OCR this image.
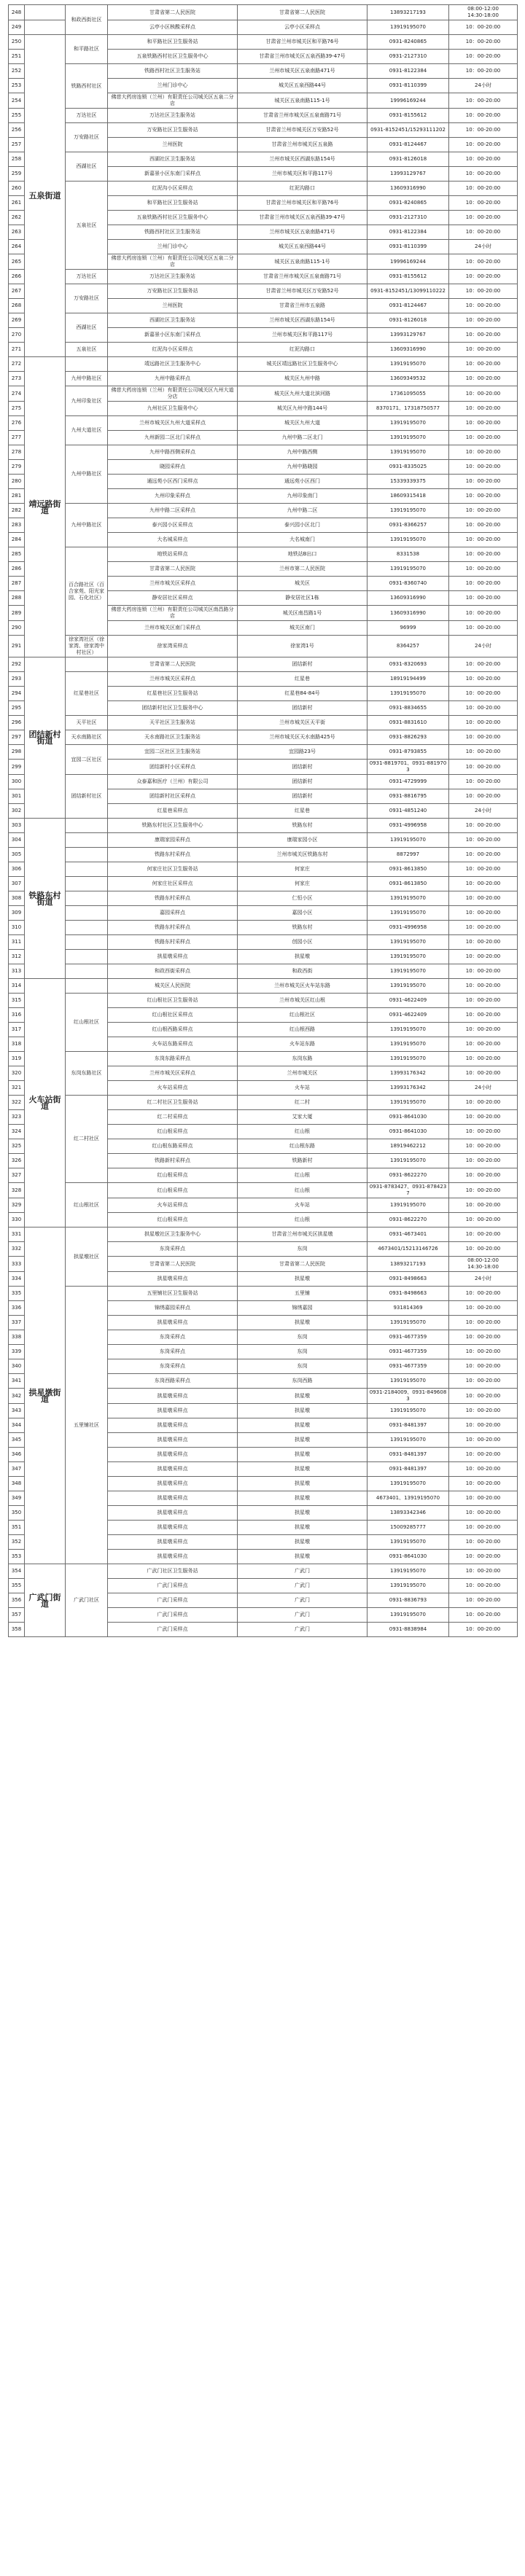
248		和政西街社区	甘肃省第二人民医院	甘肃省第二人民医院	13893217193	08:00-12:00
14:30-18:00
249			云亭小区核酸采样点	云亭小区采样点	13919195070	10：00-20:00
250	五泉街道	和平路社区	和平路社区卫生服务站	甘肃省兰州市城关区和平路76号	0931-8240865	10：00-20:00
251			五泉铁路西村社区卫生服务中心	甘肃省兰州市城关区五泉西路39-47号	0931-2127310	10：00-20:00
252		铁路西村社区	铁路西村社区卫生服务站	兰州市城关区五泉南路471号	0931-8122384	10：00-20:00
253			兰州门诊中心	城关区五泉西路44号	0931-8110399	24小时
254			佛慈大药房连锁（兰州）有限责任公司城关区五泉二分店	城关区五泉南路115-1号	19996169244	10：00-20:00
255		万达社区	万达社区卫生服务站	甘肃省兰州市城关区五泉南路71号	0931-8155612	10：00-20:00
256		万安路社区	万安路社区卫生服务站	甘肃省兰州市城关区万安路52号	0931-8152451/15293111202	10：00-20:00
257			兰州医院	甘肃省兰州市城关区五泉路	0931-8124467	10：00-20:00
258		西湖社区	西湖社区卫生服务站	兰州市城关区西湖东路154号	0931-8126018	10：00-20:00
259			新嘉景小区东南门采样点	兰州市城关区和平路117号	13993129767	10：00-20:00
260		五泉社区	红泥沟小区采样点	红泥沟路口	13609316990	10：00-20:00
261			和平路社区卫生服务站	甘肃省兰州市城关区和平路76号	0931-8240865	10：00-20:00
262			五泉铁路西村社区卫生服务中心	甘肃省兰州市城关区五泉西路39-47号	0931-2127310	10：00-20:00
263			铁路西村社区卫生服务站	兰州市城关区五泉南路471号	0931-8122384	10：00-20:00
264			兰州门诊中心	城关区五泉西路44号	0931-8110399	24小时
265			佛慈大药房连锁（兰州）有限责任公司城关区五泉二分店	城关区五泉南路115-1号	19996169244	10：00-20:00
266		万达社区	万达社区卫生服务站	甘肃省兰州市城关区五泉南路71号	0931-8155612	10：00-20:00
267		万安路社区	万安路社区卫生服务站	甘肃省兰州市城关区万安路52号	0931-8152451/13099110222	10：00-20:00
268			兰州医院	甘肃省兰州市五泉路	0931-8124467	10：00-20:00
269		西湖社区	西湖社区卫生服务站	兰州市城关区西湖东路154号	0931-8126018	10：00-20:00
270			新嘉景小区东南门采样点	兰州市城关区和平路117号	13993129767	10：00-20:00
271		五泉社区	红泥沟小区采样点	红泥沟路口	13609316990	10：00-20:00
272	靖远路街道		靖远路社区卫生服务中心	城关区靖远路社区卫生服务中心	13919195070	10：00-20:00
273		九州中路社区	九州中路采样点	城关区九州中路	13609349532	10：00-20:00
274		九州印象社区	佛慈大药房连锁（兰州）有限责任公司城关区九州大道分店	城关区九州大道北滨河路	17361095055	10：00-20:00
275			九州社区卫生服务中心	城关区九州中路144号	8370171、17318750577	10：00-20:00
276		九州大道社区	兰州市城关区九州大道采样点	城关区九州大道	13919195070	10：00-20:00
277			九州新园二区北门采样点	九州中路二区北门	13919195070	10：00-20:00
278		九州中路社区	九州中路西侧采样点	九州中路西侧	13919195070	10：00-20:00
279			晓园采样点	九州中路晓园	0931-8335025	10：00-20:00
280			通远苑小区西门采样点	通远苑小区西门	15339339375	10：00-20:00
281			九州印象采样点	九州印象南门	18609315418	10：00-20:00
282		九州中路社区	九州中路二区采样点	九州中路二区	13919195070	10：00-20:00
283			泰兴园小区采样点	泰兴园小区北门	0931-8366257	10：00-20:00
284			大名城采样点	大名城南门	13919195070	10：00-20:00
285		百合路社区（百合家苑、阳光家园、石化社区）	地铁站采样点	地铁站B出口	8331538	10：00-20:00
286			甘肃省第二人民医院	兰州市第二人民医院	13919195070	10：00-20:00
287			兰州市城关区采样点	城关区	0931-8360740	10：00-20:00
288			静安居社区采样点	静安居社区1栋	13609316990	10：00-20:00
289			佛慈大药房连锁（兰州）有限责任公司城关区南昌路分店	城关区南昌路1号	13609316990	10：00-20:00
290			兰州市城关区南门采样点	城关区南门	96999	10：00-20:00
291		徐家湾社区（徐家湾、徐家湾中村社区）	徐家湾采样点	徐家湾1号	8364257	24小时
292	团结新村街道		甘肃省第二人民医院	团结新村	0931-8320693	10：00-20:00
293		红星巷社区	兰州市城关区采样点	红星巷	18919194499	10：00-20:00
294			红星巷社区卫生服务站	红星巷84-84号	13919195070	10：00-20:00
295			团结新村社区卫生服务中心	团结新村	0931-8834655	10：00-20:00
296		天平社区	天平社区卫生服务站	兰州市城关区天平街	0931-8831610	10：00-20:00
297		天水南路社区	天水南路社区卫生服务站	兰州市城关区天水南路425号	0931-8826293	10：00-20:00
298		宜园二区社区	宜园二区社区卫生服务站	宜园路23号	0931-8793855	10：00-20:00
299			团结新村小区采样点	团结新村	0931-8819701、0931-8819703	10：00-20:00
300		团结新村社区	众泰嘉和医疗（兰州）有限公司	团结新村	0931-4729999	10：00-20:00
301			团结新村社区采样点	团结新村	0931-8816795	10：00-20:00
302			红星巷采样点	红星巷	0931-4851240	24小时
303	铁路东村街道		铁路东村社区卫生服务中心	铁路东村	0931-4996958	10：00-20:00
304			康瑞家园采样点	康瑞家园小区	13919195070	10：00-20:00
305			铁路东村采样点	兰州市城关区铁路东村	8872997	10：00-20:00
306			何家庄社区卫生服务站	何家庄	0931-8613850	10：00-20:00
307			何家庄社区采样点	何家庄	0931-8613850	10：00-20:00
308			铁路东村采样点	仁恒小区	13919195070	10：00-20:00
309			嘉园采样点	嘉园小区	13919195070	10：00-20:00
310			铁路东村采样点	铁路东村	0931-4996958	10：00-20:00
311			铁路东村采样点	创园小区	13919195070	10：00-20:00
312			拱星墩采样点	拱星墩	13919195070	10：00-20:00
313			和政西街采样点	和政西街	13919195070	10：00-20:00
314	火车站街道		城关区人民医院	兰州市城关区火车站东路	13919195070	10：00-20:00
315		红山根社区	红山根社区卫生服务站	兰州市城关区红山根	0931-4622409	10：00-20:00
316			红山根社区采样点	红山根社区	0931-4622409	10：00-20:00
317			红山根西路采样点	红山根西路	13919195070	10：00-20:00
318			火车站东路采样点	火车站东路	13919195070	10：00-20:00
319		东岗东路社区	东岗东路采样点	东岗东路	13919195070	10：00-20:00
320			兰州市城关区采样点	兰州市城关区	13993176342	10：00-20:00
321			火车站采样点	火车站	13993176342	24小时
322		红二村社区	红二村社区卫生服务站	红二村	13919195070	10：00-20:00
323			红二村采样点	艾家大厦	0931-8641030	10：00-20:00
324			红山根采样点	红山根	0931-8641030	10：00-20:00
325			红山根东路采样点	红山根东路	18919462212	10：00-20:00
326			铁路新村采样点	铁路新村	13919195070	10：00-20:00
327			红山根采样点	红山根	0931-8622270	10：00-20:00
328		红山根社区	红山根采样点	红山根	0931-8783427、0931-8784237	10：00-20:00
329			火车站采样点	火车站	13919195070	10：00-20:00
330			红山根采样点	红山根	0931-8622270	10：00-20:00
331	拱星墩街道	拱星墩社区	拱星墩社区卫生服务中心	甘肃省兰州市城关区拱星墩	0931-4673401	10：00-20:00
332			东岗采样点	东岗	4673401/15213146726	10：00-20:00
333			甘肃省第二人民医院	甘肃省第二人民医院	13893217193	08:00-12:00
14:30-18:00
334			拱星墩采样点	拱星墩	0931-8498663	24小时
335		五里铺社区	五里铺社区卫生服务站	五里铺	0931-8498663	10：00-20:00
336			锦绣嘉园采样点	锦绣嘉园	931814369	10：00-20:00
337			拱星墩采样点	拱星墩	13919195070	10：00-20:00
338			东岗采样点	东岗	0931-4677359	10：00-20:00
339			东岗采样点	东岗	0931-4677359	10：00-20:00
340			东岗采样点	东岗	0931-4677359	10：00-20:00
341			东岗西路采样点	东岗西路	13919195070	10：00-20:00
342			拱星墩采样点	拱星墩	0931-2184009、0931-8496083	10：00-20:00
343			拱星墩采样点	拱星墩	13919195070	10：00-20:00
344			拱星墩采样点	拱星墩	0931-8481397	10：00-20:00
345			拱星墩采样点	拱星墩	13919195070	10：00-20:00
346			拱星墩采样点	拱星墩	0931-8481397	10：00-20:00
347			拱星墩采样点	拱星墩	0931-8481397	10：00-20:00
348			拱星墩采样点	拱星墩	13919195070	10：00-20:00
349			拱星墩采样点	拱星墩	4673401、13919195070	10：00-20:00
350			拱星墩采样点	拱星墩	13893342346	10：00-20:00
351			拱星墩采样点	拱星墩	15009285777	10：00-20:00
352			拱星墩采样点	拱星墩	13919195070	10：00-20:00
353			拱星墩采样点	拱星墩	0931-8641030	10：00-20:00
354	广武门街道	广武门社区	广武门社区卫生服务站	广武门	13919195070	10：00-20:00
355			广武门采样点	广武门	13919195070	10：00-20:00
356			广武门采样点	广武门	0931-8836793	10：00-20:00
357			广武门采样点	广武门	13919195070	10：00-20:00
358			广武门采样点	广武门	0931-8838984	10：00-20:00
